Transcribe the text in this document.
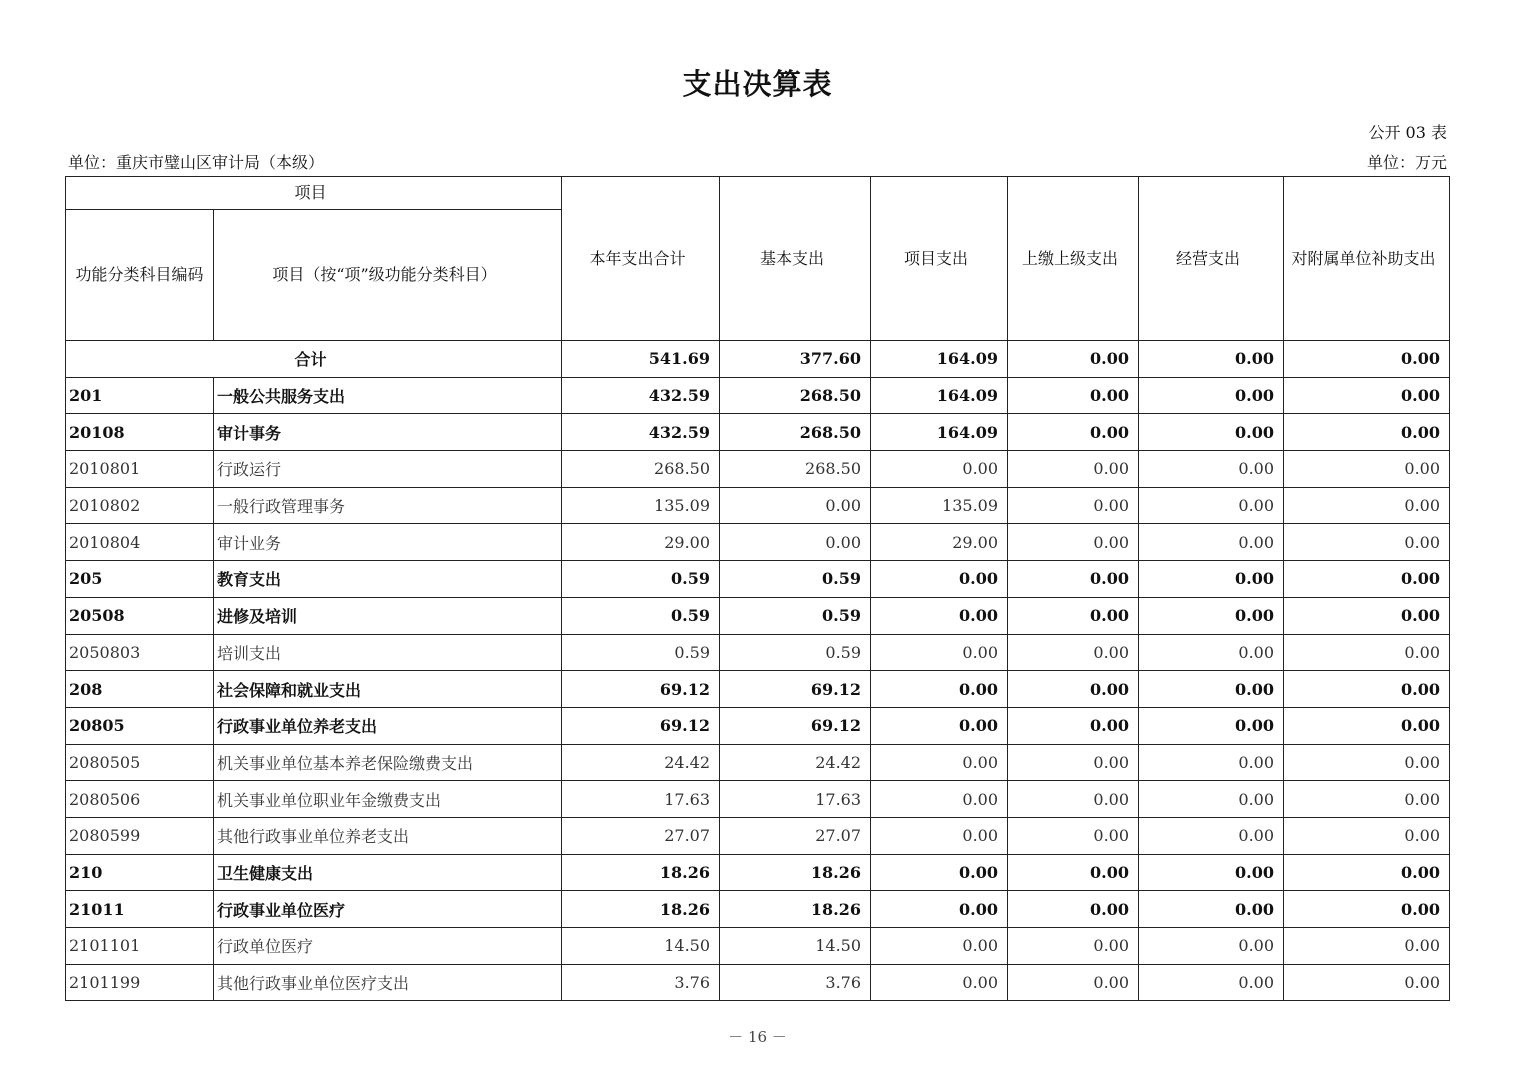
支出决算表
公开 03 表
单位：重庆市璧山区审计局（本级）	单位：万元
项目		本年支出合计	基本支出	项目支出	上缴上级支出	经营支出	对附属单位补助支出
功能分类科目编码	项目（按“项”级功能分类科目）						
合计		541.69	377.60	164.09	0.00	0.00	0.00
201	一般公共服务支出	432.59	268.50	164.09	0.00	0.00	0.00
20108	审计事务	432.59	268.50	164.09	0.00	0.00	0.00
2010801	行政运行	268.50	268.50	0.00	0.00	0.00	0.00
2010802	一般行政管理事务	135.09	0.00	135.09	0.00	0.00	0.00
2010804	审计业务	29.00	0.00	29.00	0.00	0.00	0.00
205	教育支出	0.59	0.59	0.00	0.00	0.00	0.00
20508	进修及培训	0.59	0.59	0.00	0.00	0.00	0.00
2050803	培训支出	0.59	0.59	0.00	0.00	0.00	0.00
208	社会保障和就业支出	69.12	69.12	0.00	0.00	0.00	0.00
20805	行政事业单位养老支出	69.12	69.12	0.00	0.00	0.00	0.00
2080505	机关事业单位基本养老保险缴费支出	24.42	24.42	0.00	0.00	0.00	0.00
2080506	机关事业单位职业年金缴费支出	17.63	17.63	0.00	0.00	0.00	0.00
2080599	其他行政事业单位养老支出	27.07	27.07	0.00	0.00	0.00	0.00
210	卫生健康支出	18.26	18.26	0.00	0.00	0.00	0.00
21011	行政事业单位医疗	18.26	18.26	0.00	0.00	0.00	0.00
2101101	行政单位医疗	14.50	14.50	0.00	0.00	0.00	0.00
2101199	其他行政事业单位医疗支出	3.76	3.76	0.00	0.00	0.00	0.00
－ 16 －
